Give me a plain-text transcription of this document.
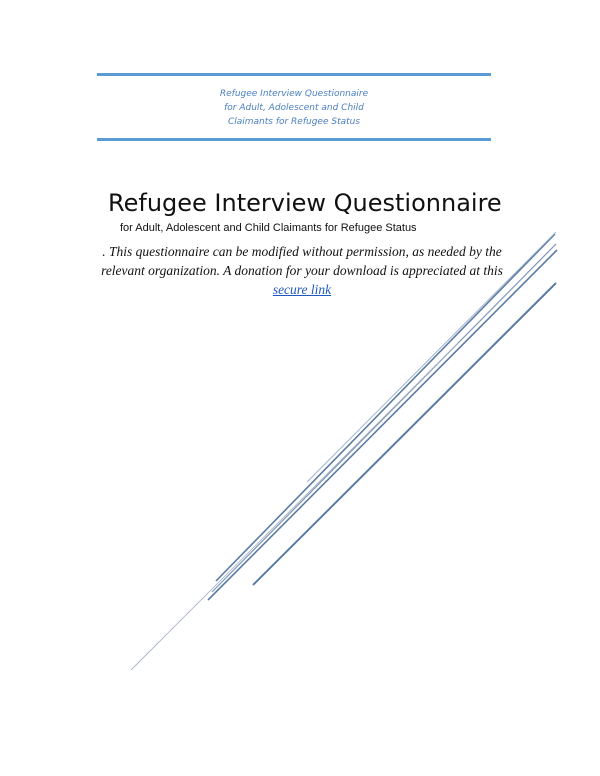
Refugee Interview Questionnaire
for Adult, Adolescent and Child
Claimants for Refugee Status
Refugee Interview Questionnaire
for Adult, Adolescent and Child Claimants for Refugee Status
. This questionnaire can be modified without permission, as needed by the
relevant organization. A donation for your download is appreciated at this
secure link
